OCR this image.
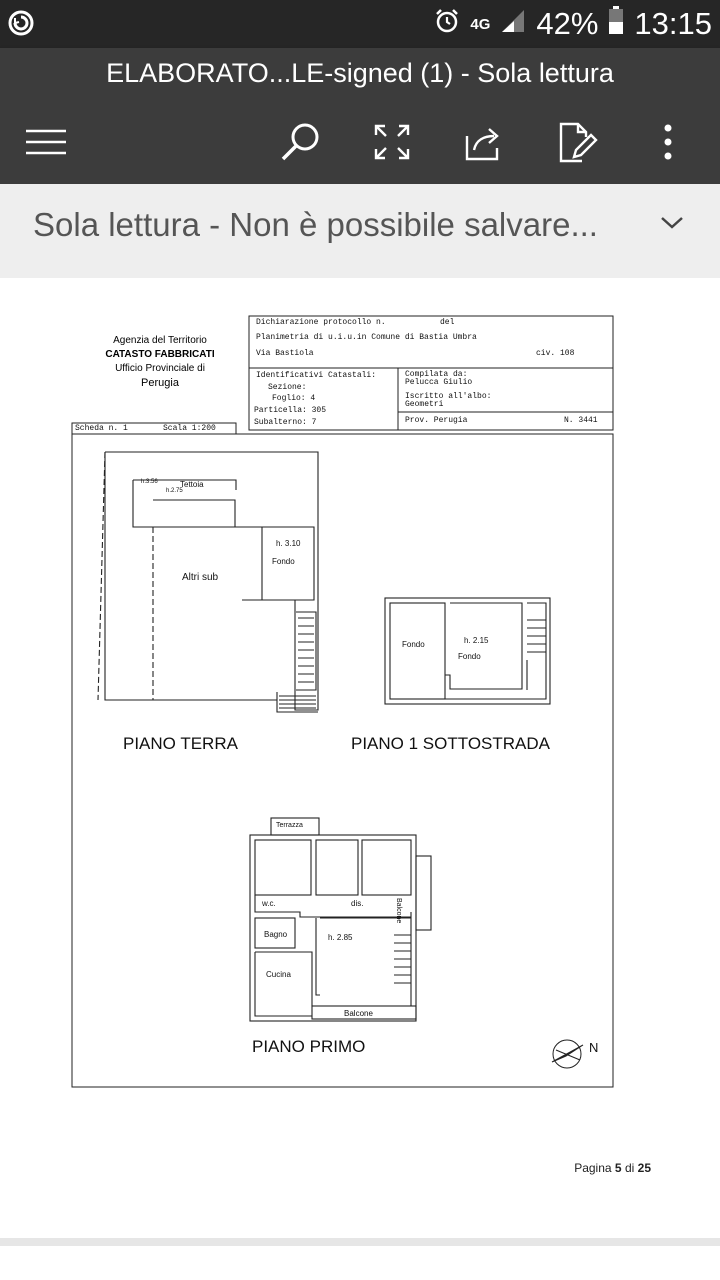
4G 42% 13:15
ELABORATO...LE-signed (1) - Sola lettura
Sola lettura - Non è possibile salvare...
Agenzia del Territorio
CATASTO FABBRICATI
Ufficio Provinciale di
Perugia
Dichiarazione protocollo n.	del
Planimetria di u.i.u.in Comune di Bastia Umbra
Via Bastiola	civ. 108
Identificativi Catastali:
Sezione:
Foglio: 4
Particella: 305
Subalterno: 7
Compilata da:
Pelucca Giulio
Iscritto all'albo:
Geometri
Prov. Perugia	N. 3441
Scheda n. 1	Scala 1:200
PIANO TERRA	PIANO 1 SOTTOSTRADA
PIANO PRIMO
h.3.56	Tettoia
h.2.75
h. 3.10
Fondo
Altri sub
Fondo	h. 2.15
Fondo
Terrazza
w.c.	dis.
Bagno	h. 2.85
Cucina
Balcone
Balcone
N
Pagina 5 di 25
